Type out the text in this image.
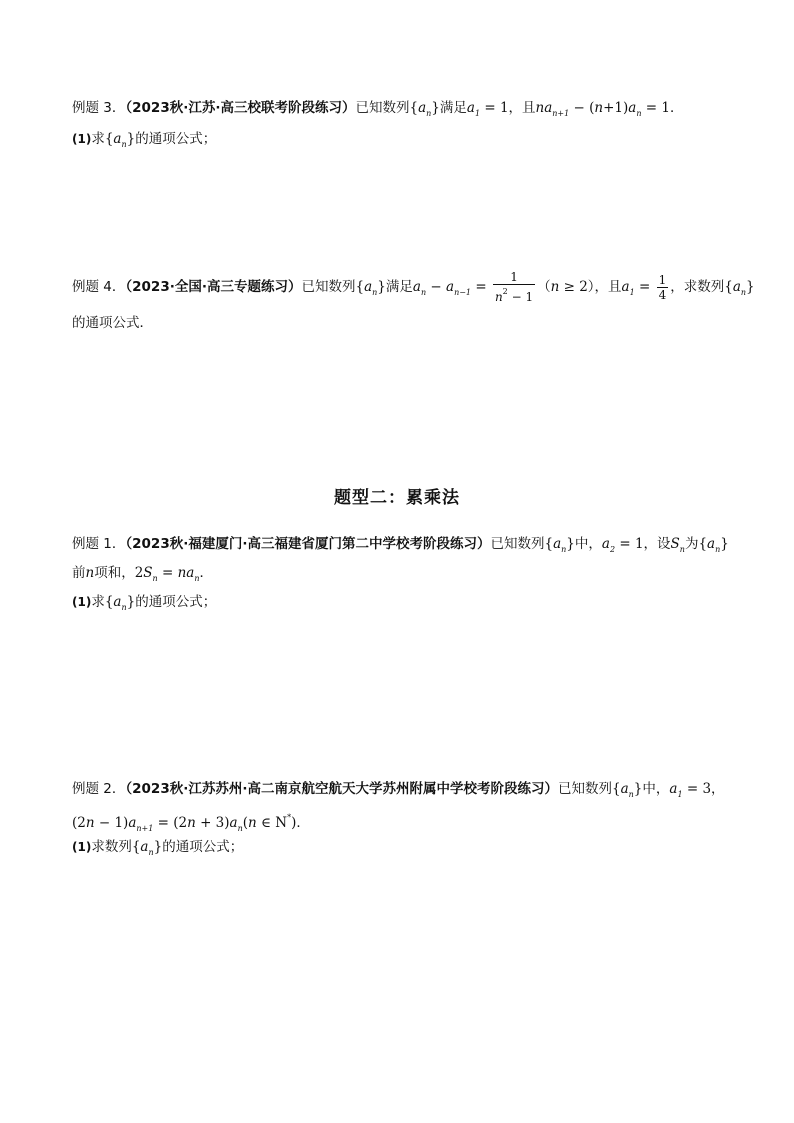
例题 3．（2023秋·江苏·高三校联考阶段练习）已知数列$\{a_n\}$满足$a_1 = 1$，且$na_{n+1} - (n+1)a_n = 1$．
(1)求$\{a_n\}$的通项公式；
例题 4．（2023·全国·高三专题练习）已知数列$\{a_n\}$满足$a_n - a_{n-1} = \frac{1}{n^2 - 1} (n \ge 2)$，且$a_1 = \frac{1}{4}$ ，求数列$\{a_n\}$
的通项公式．
题型二：累乘法
例题 1．（2023秋·福建厦门·高三福建省厦门第二中学校考阶段练习）已知数列$\{a_n\}$中，$a_2 = 1$，设$S_n$为$\{a_n\}$
前n项和，$2S_n = na_n$．
(1)求$\{a_n\}$的通项公式；
例题 2．（2023秋·江苏苏州·高二南京航空航天大学苏州附属中学校考阶段练习）已知数列$\{a_n\}$中，$a_1 = 3$，
$(2n - 1)a_{n+1} = (2n + 3)a_n(n$ ∈ N*)．
(1)求数列$\{a_n\}$的通项公式；
